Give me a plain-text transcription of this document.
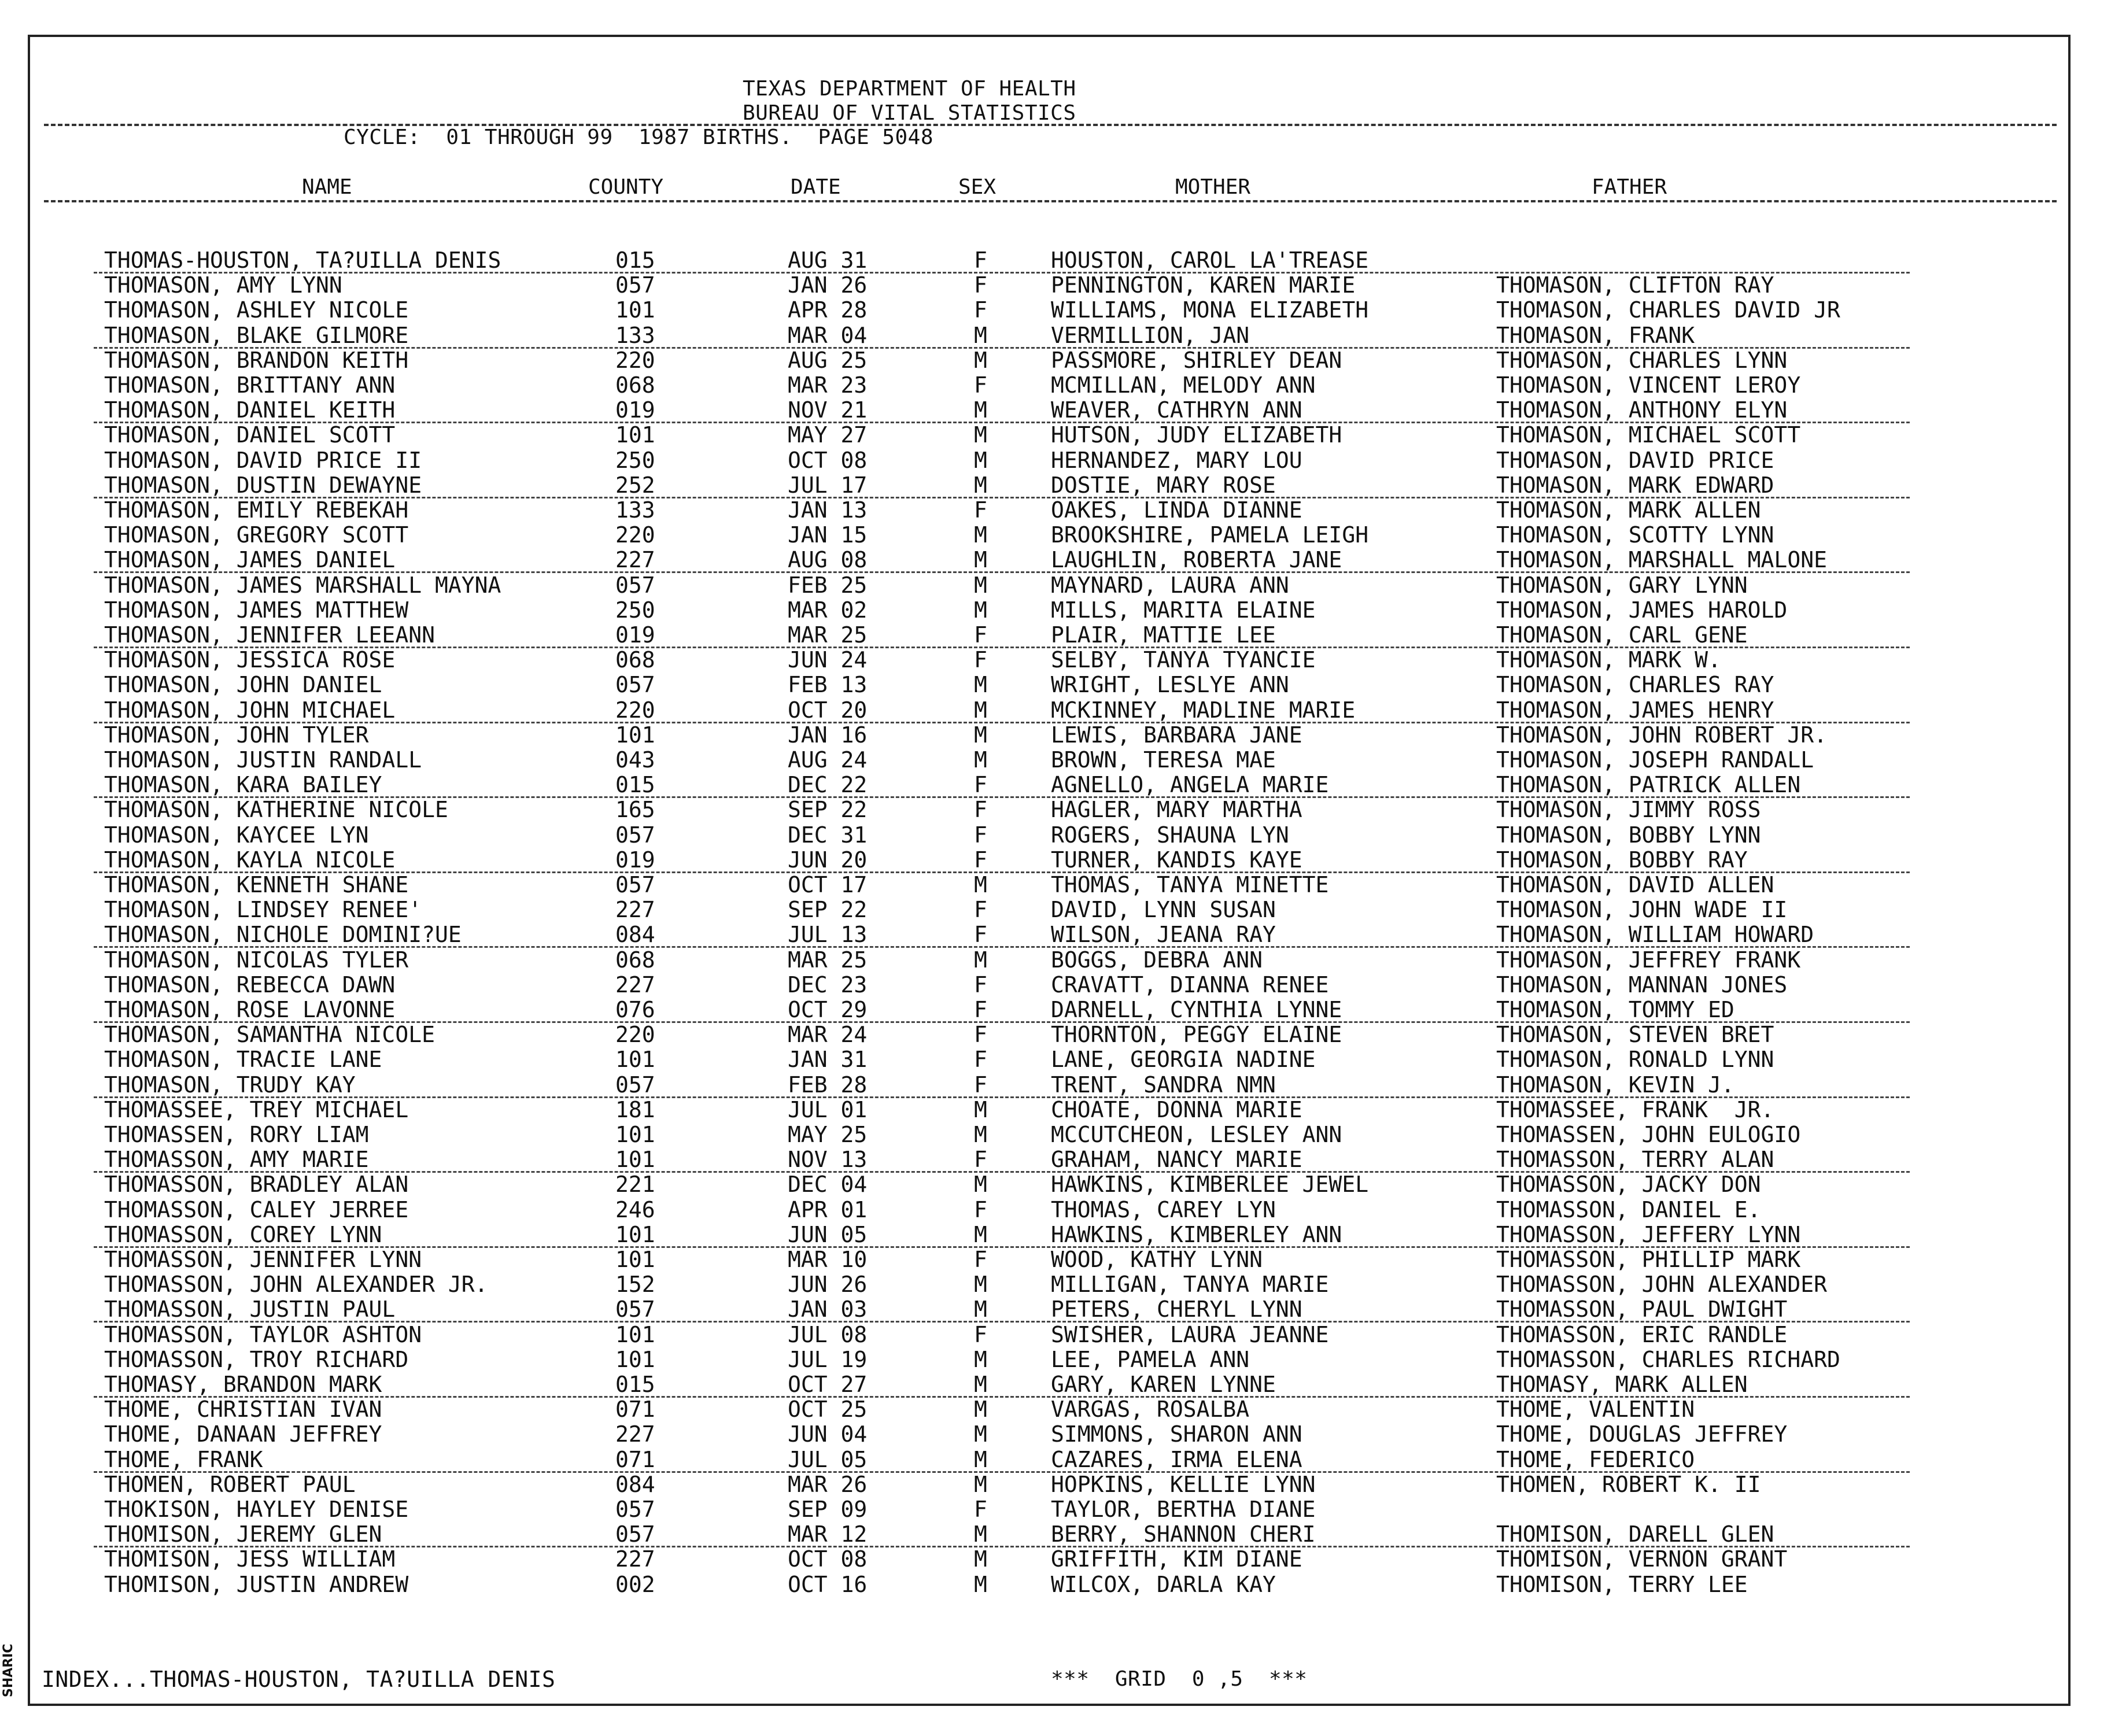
TEXAS DEPARTMENT OF HEALTH
BUREAU OF VITAL STATISTICS
CYCLE:  01 THROUGH 99  1987 BIRTHS.  PAGE 5048
NAME	COUNTY	DATE	SEX	MOTHER	FATHER
THOMAS-HOUSTON, TA?UILLA DENIS	015	AUG 31	F	HOUSTON, CAROL LA'TREASE
THOMASON, AMY LYNN	057	JAN 26	F	PENNINGTON, KAREN MARIE	THOMASON, CLIFTON RAY
THOMASON, ASHLEY NICOLE	101	APR 28	F	WILLIAMS, MONA ELIZABETH	THOMASON, CHARLES DAVID JR
THOMASON, BLAKE GILMORE	133	MAR 04	M	VERMILLION, JAN	THOMASON, FRANK
THOMASON, BRANDON KEITH	220	AUG 25	M	PASSMORE, SHIRLEY DEAN	THOMASON, CHARLES LYNN
THOMASON, BRITTANY ANN	068	MAR 23	F	MCMILLAN, MELODY ANN	THOMASON, VINCENT LEROY
THOMASON, DANIEL KEITH	019	NOV 21	M	WEAVER, CATHRYN ANN	THOMASON, ANTHONY ELYN
THOMASON, DANIEL SCOTT	101	MAY 27	M	HUTSON, JUDY ELIZABETH	THOMASON, MICHAEL SCOTT
THOMASON, DAVID PRICE II	250	OCT 08	M	HERNANDEZ, MARY LOU	THOMASON, DAVID PRICE
THOMASON, DUSTIN DEWAYNE	252	JUL 17	M	DOSTIE, MARY ROSE	THOMASON, MARK EDWARD
THOMASON, EMILY REBEKAH	133	JAN 13	F	OAKES, LINDA DIANNE	THOMASON, MARK ALLEN
THOMASON, GREGORY SCOTT	220	JAN 15	M	BROOKSHIRE, PAMELA LEIGH	THOMASON, SCOTTY LYNN
THOMASON, JAMES DANIEL	227	AUG 08	M	LAUGHLIN, ROBERTA JANE	THOMASON, MARSHALL MALONE
THOMASON, JAMES MARSHALL MAYNA	057	FEB 25	M	MAYNARD, LAURA ANN	THOMASON, GARY LYNN
THOMASON, JAMES MATTHEW	250	MAR 02	M	MILLS, MARITA ELAINE	THOMASON, JAMES HAROLD
THOMASON, JENNIFER LEEANN	019	MAR 25	F	PLAIR, MATTIE LEE	THOMASON, CARL GENE
THOMASON, JESSICA ROSE	068	JUN 24	F	SELBY, TANYA TYANCIE	THOMASON, MARK W.
THOMASON, JOHN DANIEL	057	FEB 13	M	WRIGHT, LESLYE ANN	THOMASON, CHARLES RAY
THOMASON, JOHN MICHAEL	220	OCT 20	M	MCKINNEY, MADLINE MARIE	THOMASON, JAMES HENRY
THOMASON, JOHN TYLER	101	JAN 16	M	LEWIS, BARBARA JANE	THOMASON, JOHN ROBERT JR.
THOMASON, JUSTIN RANDALL	043	AUG 24	M	BROWN, TERESA MAE	THOMASON, JOSEPH RANDALL
THOMASON, KARA BAILEY	015	DEC 22	F	AGNELLO, ANGELA MARIE	THOMASON, PATRICK ALLEN
THOMASON, KATHERINE NICOLE	165	SEP 22	F	HAGLER, MARY MARTHA	THOMASON, JIMMY ROSS
THOMASON, KAYCEE LYN	057	DEC 31	F	ROGERS, SHAUNA LYN	THOMASON, BOBBY LYNN
THOMASON, KAYLA NICOLE	019	JUN 20	F	TURNER, KANDIS KAYE	THOMASON, BOBBY RAY
THOMASON, KENNETH SHANE	057	OCT 17	M	THOMAS, TANYA MINETTE	THOMASON, DAVID ALLEN
THOMASON, LINDSEY RENEE'	227	SEP 22	F	DAVID, LYNN SUSAN	THOMASON, JOHN WADE II
THOMASON, NICHOLE DOMINI?UE	084	JUL 13	F	WILSON, JEANA RAY	THOMASON, WILLIAM HOWARD
THOMASON, NICOLAS TYLER	068	MAR 25	M	BOGGS, DEBRA ANN	THOMASON, JEFFREY FRANK
THOMASON, REBECCA DAWN	227	DEC 23	F	CRAVATT, DIANNA RENEE	THOMASON, MANNAN JONES
THOMASON, ROSE LAVONNE	076	OCT 29	F	DARNELL, CYNTHIA LYNNE	THOMASON, TOMMY ED
THOMASON, SAMANTHA NICOLE	220	MAR 24	F	THORNTON, PEGGY ELAINE	THOMASON, STEVEN BRET
THOMASON, TRACIE LANE	101	JAN 31	F	LANE, GEORGIA NADINE	THOMASON, RONALD LYNN
THOMASON, TRUDY KAY	057	FEB 28	F	TRENT, SANDRA NMN	THOMASON, KEVIN J.
THOMASSEE, TREY MICHAEL	181	JUL 01	M	CHOATE, DONNA MARIE	THOMASSEE, FRANK  JR.
THOMASSEN, RORY LIAM	101	MAY 25	M	MCCUTCHEON, LESLEY ANN	THOMASSEN, JOHN EULOGIO
THOMASSON, AMY MARIE	101	NOV 13	F	GRAHAM, NANCY MARIE	THOMASSON, TERRY ALAN
THOMASSON, BRADLEY ALAN	221	DEC 04	M	HAWKINS, KIMBERLEE JEWEL	THOMASSON, JACKY DON
THOMASSON, CALEY JERREE	246	APR 01	F	THOMAS, CAREY LYN	THOMASSON, DANIEL E.
THOMASSON, COREY LYNN	101	JUN 05	M	HAWKINS, KIMBERLEY ANN	THOMASSON, JEFFERY LYNN
THOMASSON, JENNIFER LYNN	101	MAR 10	F	WOOD, KATHY LYNN	THOMASSON, PHILLIP MARK
THOMASSON, JOHN ALEXANDER JR.	152	JUN 26	M	MILLIGAN, TANYA MARIE	THOMASSON, JOHN ALEXANDER
THOMASSON, JUSTIN PAUL	057	JAN 03	M	PETERS, CHERYL LYNN	THOMASSON, PAUL DWIGHT
THOMASSON, TAYLOR ASHTON	101	JUL 08	F	SWISHER, LAURA JEANNE	THOMASSON, ERIC RANDLE
THOMASSON, TROY RICHARD	101	JUL 19	M	LEE, PAMELA ANN	THOMASSON, CHARLES RICHARD
THOMASY, BRANDON MARK	015	OCT 27	M	GARY, KAREN LYNNE	THOMASY, MARK ALLEN
THOME, CHRISTIAN IVAN	071	OCT 25	M	VARGAS, ROSALBA	THOME, VALENTIN
THOME, DANAAN JEFFREY	227	JUN 04	M	SIMMONS, SHARON ANN	THOME, DOUGLAS JEFFREY
THOME, FRANK	071	JUL 05	M	CAZARES, IRMA ELENA	THOME, FEDERICO
THOMEN, ROBERT PAUL	084	MAR 26	M	HOPKINS, KELLIE LYNN	THOMEN, ROBERT K. II
THOKISON, HAYLEY DENISE	057	SEP 09	F	TAYLOR, BERTHA DIANE
THOMISON, JEREMY GLEN	057	MAR 12	M	BERRY, SHANNON CHERI	THOMISON, DARELL GLEN
THOMISON, JESS WILLIAM	227	OCT 08	M	GRIFFITH, KIM DIANE	THOMISON, VERNON GRANT
THOMISON, JUSTIN ANDREW	002	OCT 16	M	WILCOX, DARLA KAY	THOMISON, TERRY LEE
INDEX...THOMAS-HOUSTON, TA?UILLA DENIS	***  GRID  0 ,5  ***
SHARIC
